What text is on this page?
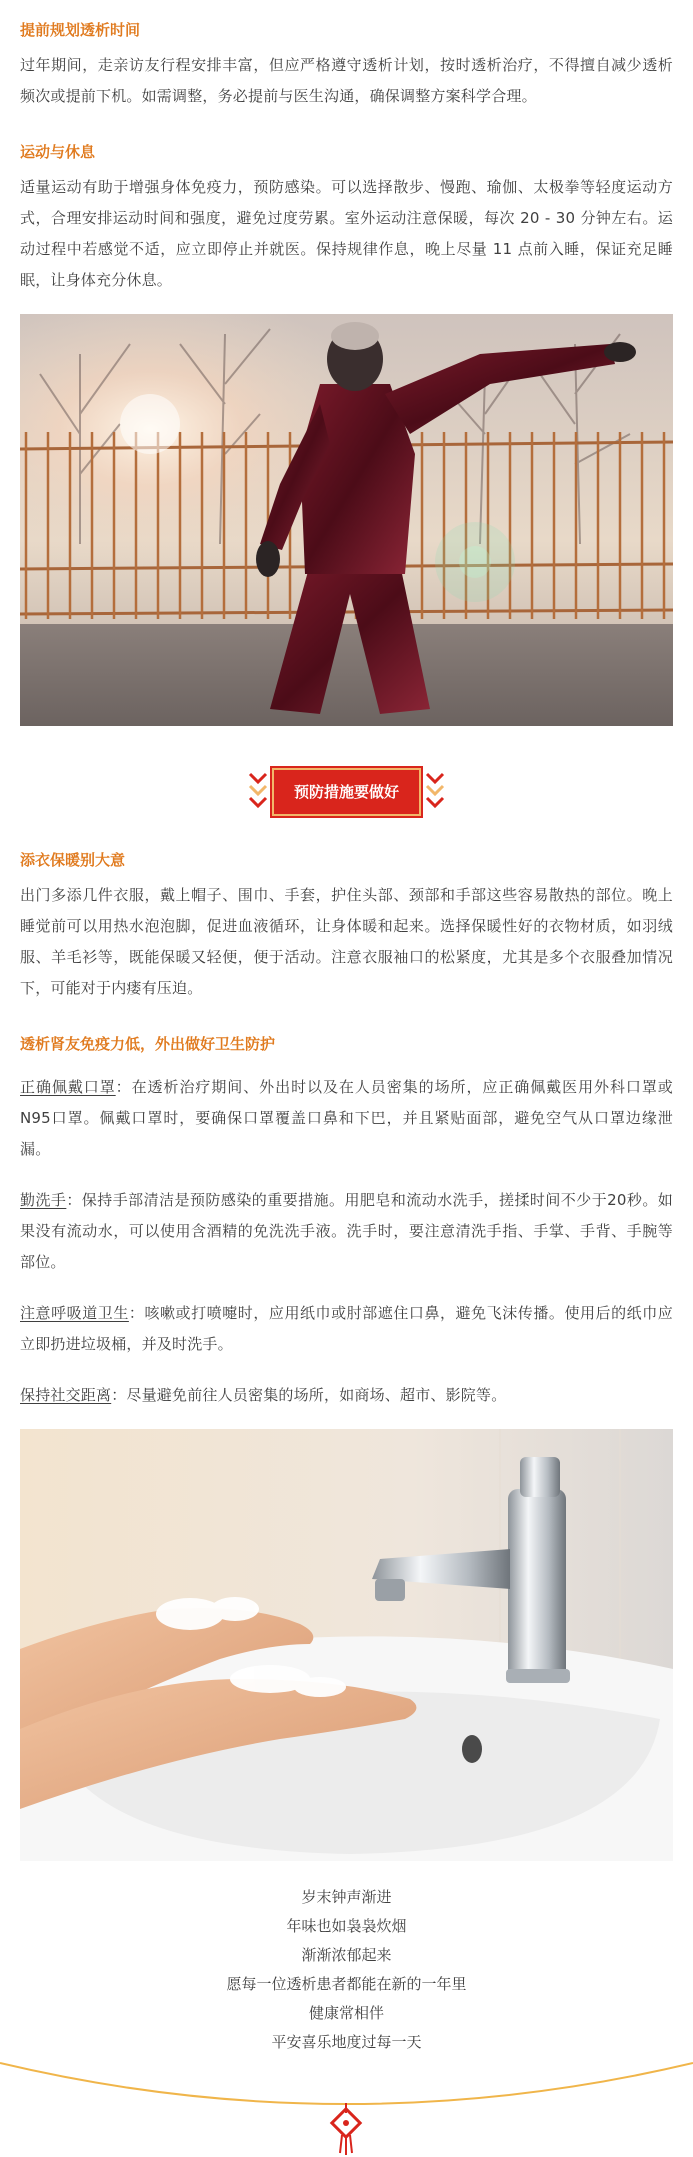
提前规划透析时间

过年期间，走亲访友行程安排丰富，但应严格遵守透析计划，按时透析治疗，不得擅自减少透析频次或提前下机。如需调整，务必提前与医生沟通，确保调整方案科学合理。

运动与休息

适量运动有助于增强身体免疫力，预防感染。可以选择散步、慢跑、瑜伽、太极拳等轻度运动方式，合理安排运动时间和强度，避免过度劳累。室外运动注意保暖，每次 20 - 30 分钟左右。运动过程中若感觉不适，应立即停止并就医。保持规律作息，晚上尽量 11 点前入睡，保证充足睡眠，让身体充分休息。

预防措施要做好

添衣保暖别大意

出门多添几件衣服，戴上帽子、围巾、手套，护住头部、颈部和手部这些容易散热的部位。晚上睡觉前可以用热水泡泡脚，促进血液循环，让身体暖和起来。选择保暖性好的衣物材质，如羽绒服、羊毛衫等，既能保暖又轻便，便于活动。注意衣服袖口的松紧度，尤其是多个衣服叠加情况下，可能对于内瘘有压迫。

透析肾友免疫力低，外出做好卫生防护

正确佩戴口罩：在透析治疗期间、外出时以及在人员密集的场所，应正确佩戴医用外科口罩或N95口罩。佩戴口罩时，要确保口罩覆盖口鼻和下巴，并且紧贴面部，避免空气从口罩边缘泄漏。

勤洗手：保持手部清洁是预防感染的重要措施。用肥皂和流动水洗手，搓揉时间不少于20秒。如果没有流动水，可以使用含酒精的免洗洗手液。洗手时，要注意清洗手指、手掌、手背、手腕等部位。

注意呼吸道卫生：咳嗽或打喷嚏时，应用纸巾或肘部遮住口鼻，避免飞沫传播。使用后的纸巾应立即扔进垃圾桶，并及时洗手。

保持社交距离：尽量避免前往人员密集的场所，如商场、超市、影院等。

岁末钟声渐进
年味也如袅袅炊烟
渐渐浓郁起来
愿每一位透析患者都能在新的一年里
健康常相伴
平安喜乐地度过每一天
